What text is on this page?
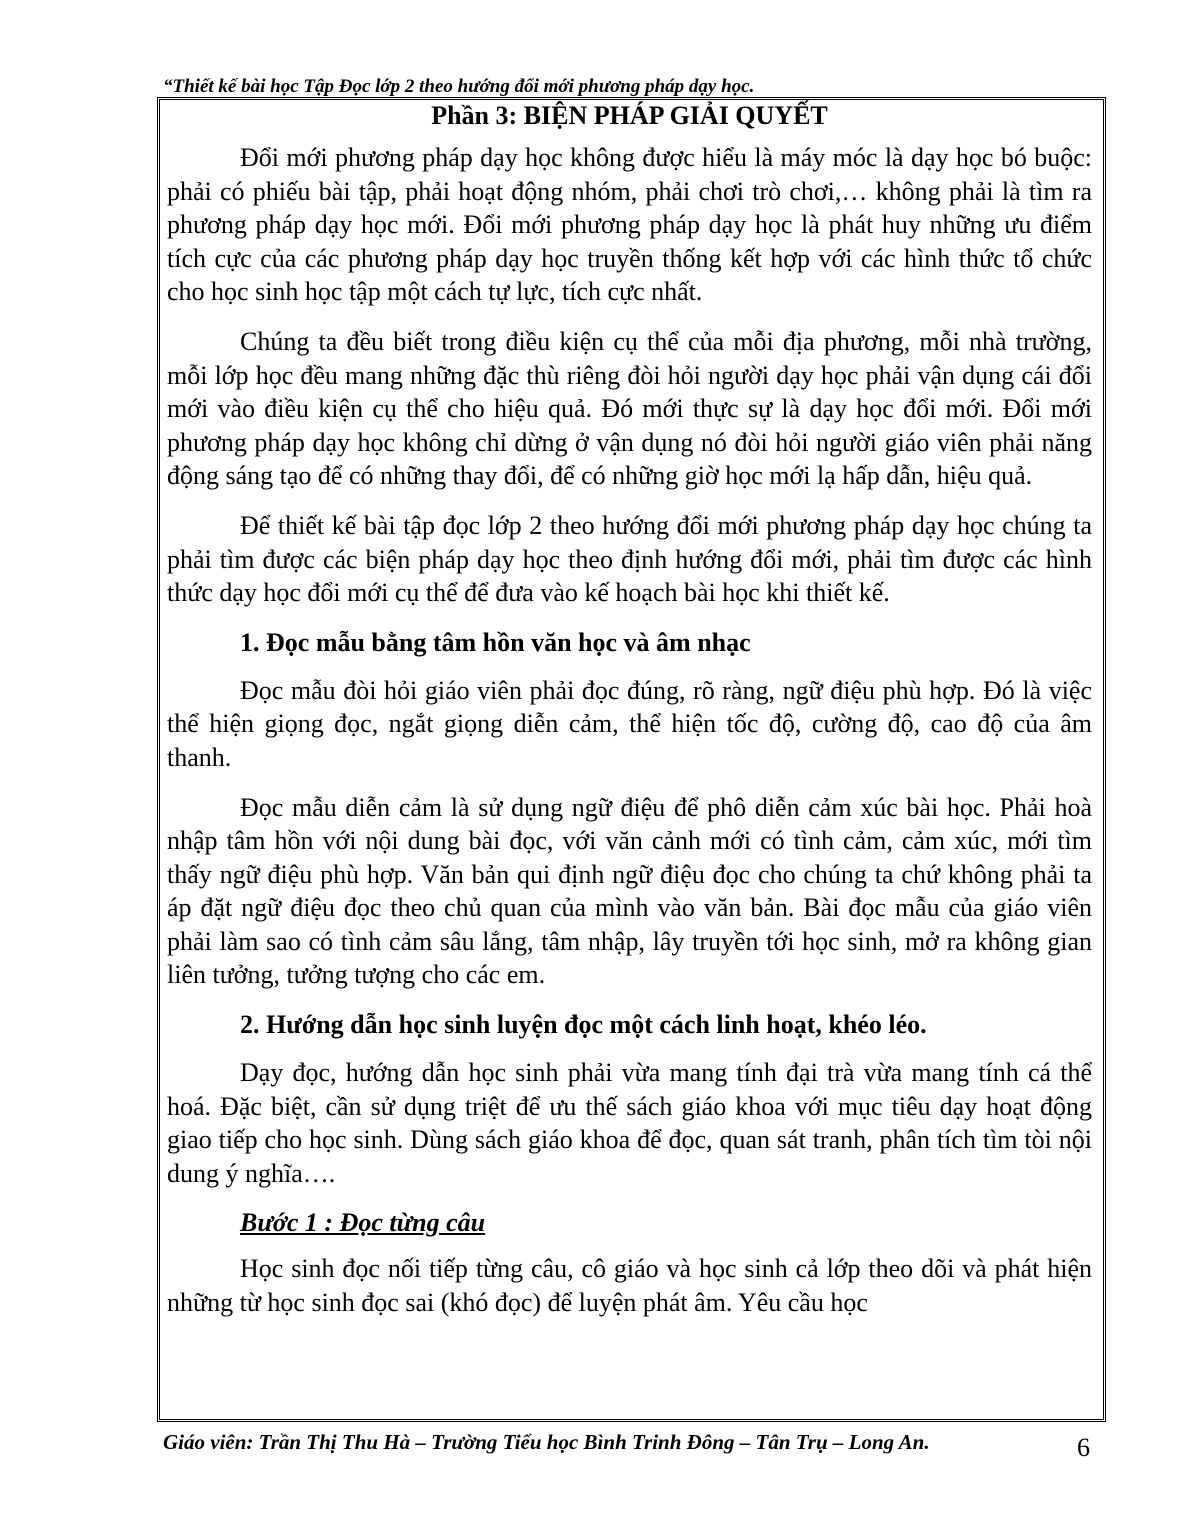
“Thiết kế bài học Tập Đọc lớp 2 theo hướng đổi mới phương pháp dạy học.
Phần 3: BIỆN PHÁP GIẢI QUYẾT

Đổi mới phương pháp dạy học không được hiểu là máy móc là dạy học bó buộc: phải có phiếu bài tập, phải hoạt động nhóm, phải chơi trò chơi,… không phải là tìm ra phương pháp dạy học mới. Đổi mới phương pháp dạy học là phát huy những ưu điểm tích cực của các phương pháp dạy học truyền thống kết hợp với các hình thức tổ chức cho học sinh học tập một cách tự lực, tích cực nhất.

Chúng ta đều biết trong điều kiện cụ thể của mỗi địa phương, mỗi nhà trường, mỗi lớp học đều mang những đặc thù riêng đòi hỏi người dạy học phải vận dụng cái đổi mới vào điều kiện cụ thể cho hiệu quả. Đó mới thực sự là dạy học đổi mới. Đổi mới phương pháp dạy học không chỉ dừng ở vận dụng nó đòi hỏi người giáo viên phải năng động sáng tạo để có những thay đổi, để có những giờ học mới lạ hấp dẫn, hiệu quả.

Để thiết kế bài tập đọc lớp 2 theo hướng đổi mới phương pháp dạy học chúng ta phải tìm được các biện pháp dạy học theo định hướng đổi mới, phải tìm được các hình thức dạy học đổi mới cụ thể để đưa vào kế hoạch bài học khi thiết kế.

1. Đọc mẫu bằng tâm hồn văn học và âm nhạc

Đọc mẫu đòi hỏi giáo viên phải đọc đúng, rõ ràng, ngữ điệu phù hợp. Đó là việc thể hiện giọng đọc, ngắt giọng diễn cảm, thể hiện tốc độ, cường độ, cao độ của âm thanh.

Đọc mẫu diễn cảm là sử dụng ngữ điệu để phô diễn cảm xúc bài học. Phải hoà nhập tâm hồn với nội dung bài đọc, với văn cảnh mới có tình cảm, cảm xúc, mới tìm thấy ngữ điệu phù hợp. Văn bản qui định ngữ điệu đọc cho chúng ta chứ không phải ta áp đặt ngữ điệu đọc theo chủ quan của mình vào văn bản. Bài đọc mẫu của giáo viên phải làm sao có tình cảm sâu lắng, tâm nhập, lây truyền tới học sinh, mở ra không gian liên tưởng, tưởng tượng cho các em.

2. Hướng dẫn học sinh luyện đọc một cách linh hoạt, khéo léo.

Dạy đọc, hướng dẫn học sinh phải vừa mang tính đại trà vừa mang tính cá thể hoá. Đặc biệt, cần sử dụng triệt để ưu thế sách giáo khoa với mục tiêu dạy hoạt động giao tiếp cho học sinh. Dùng sách giáo khoa để đọc, quan sát tranh, phân tích tìm tòi nội dung ý nghĩa….

Bước 1 : Đọc từng câu

Học sinh đọc nối tiếp từng câu, cô giáo và học sinh cả lớp theo dõi và phát hiện những từ học sinh đọc sai (khó đọc) để luyện phát âm. Yêu cầu học

Giáo viên: Trần Thị Thu Hà – Trường Tiểu học Bình Trinh Đông – Tân Trụ – Long An.	6
